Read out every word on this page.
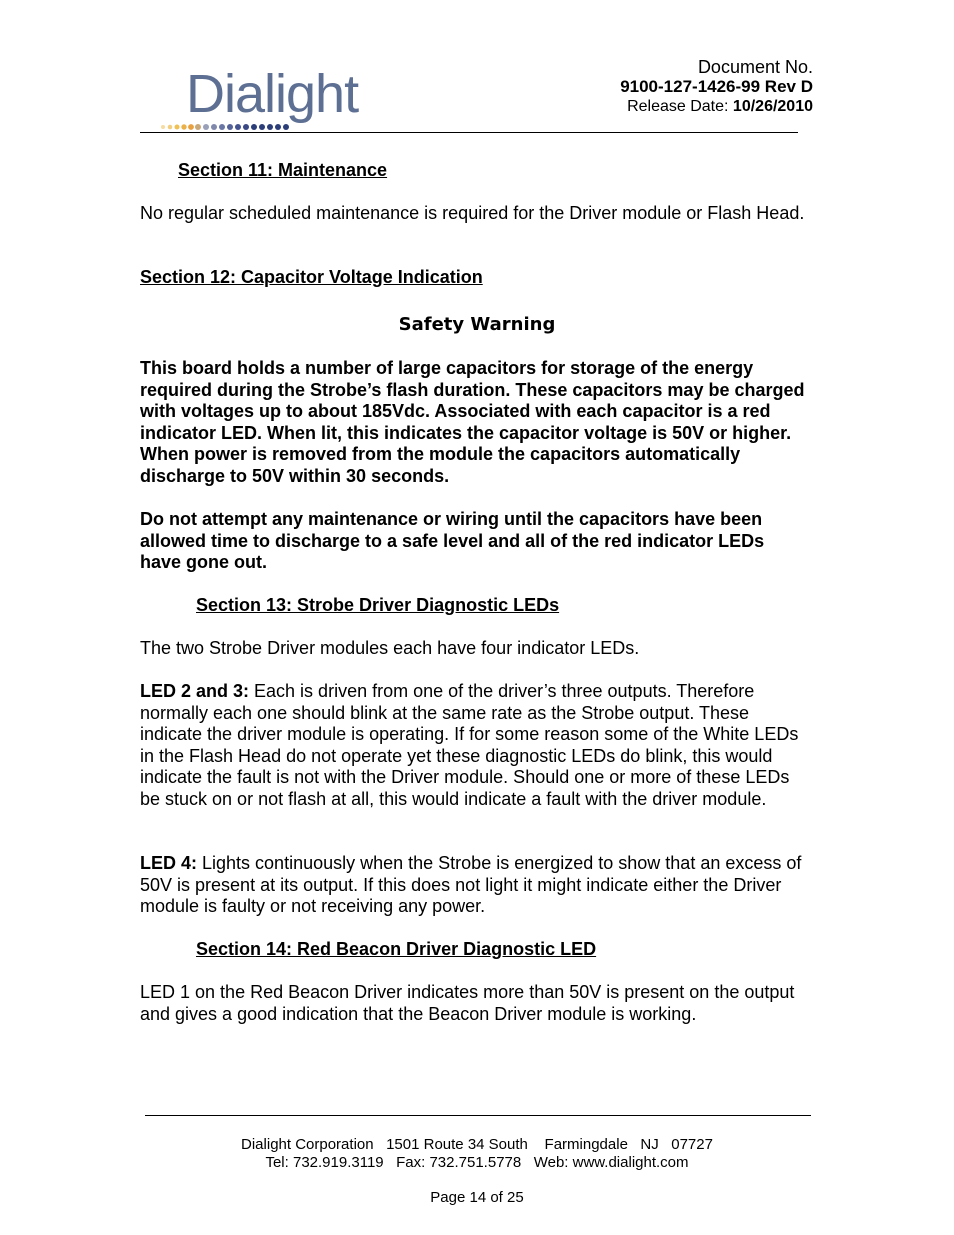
Dialight	Document No.
9100-127-1426-99 Rev D
Release Date: 10/26/2010
Section 11: Maintenance
No regular scheduled maintenance is required for the Driver module or Flash Head.
Section 12: Capacitor Voltage Indication
Safety Warning
This board holds a number of large capacitors for storage of the energy required during the Strobe’s flash duration. These capacitors may be charged with voltages up to about 185Vdc. Associated with each capacitor is a red indicator LED. When lit, this indicates the capacitor voltage is 50V or higher. When power is removed from the module the capacitors automatically discharge to 50V within 30 seconds.
Do not attempt any maintenance or wiring until the capacitors have been allowed time to discharge to a safe level and all of the red indicator LEDs have gone out.
Section 13: Strobe Driver Diagnostic LEDs
The two Strobe Driver modules each have four indicator LEDs.
LED 2 and 3: Each is driven from one of the driver’s three outputs. Therefore normally each one should blink at the same rate as the Strobe output. These indicate the driver module is operating. If for some reason some of the White LEDs in the Flash Head do not operate yet these diagnostic LEDs do blink, this would indicate the fault is not with the Driver module. Should one or more of these LEDs be stuck on or not flash at all, this would indicate a fault with the driver module.
LED 4: Lights continuously when the Strobe is energized to show that an excess of 50V is present at its output. If this does not light it might indicate either the Driver module is faulty or not receiving any power.
Section 14: Red Beacon Driver Diagnostic LED
LED 1 on the Red Beacon Driver indicates more than 50V is present on the output and gives a good indication that the Beacon Driver module is working.
Dialight Corporation   1501 Route 34 South    Farmingdale   NJ   07727
Tel: 732.919.3119   Fax: 732.751.5778   Web: www.dialight.com
Page 14 of 25
